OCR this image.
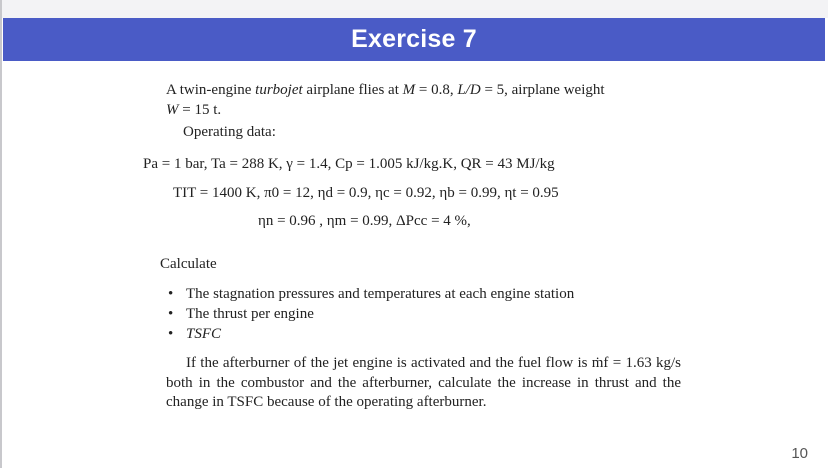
Exercise 7
A twin-engine turbojet airplane flies at M = 0.8, L/D = 5, airplane weight
W = 15 t.
Operating data:
Pa = 1 bar, Ta = 288 K, γ = 1.4, Cp = 1.005 kJ/kg.K, QR = 43 MJ/kg
TIT = 1400 K, π0 = 12, ηd = 0.9, ηc = 0.92, ηb = 0.99, ηt = 0.95
ηn = 0.96 , ηm = 0.99, ΔPcc = 4 %,
Calculate
• The stagnation pressures and temperatures at each engine station
• The thrust per engine
• TSFC
If the afterburner of the jet engine is activated and the fuel flow is ṁf = 1.63 kg/s both in the combustor and the afterburner, calculate the increase in thrust and the change in TSFC because of the operating afterburner.
10
